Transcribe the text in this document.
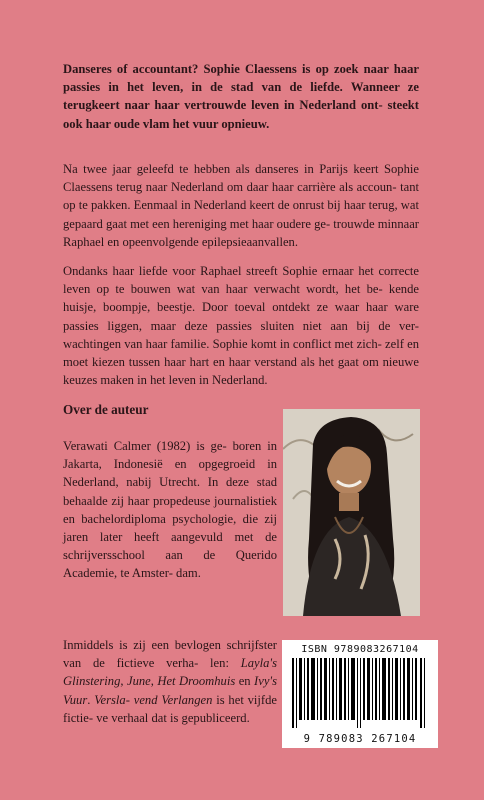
Danseres of accountant? Sophie Claessens is op zoek naar haar passies in het leven, in de stad van de liefde. Wanneer ze terugkeert naar haar vertrouwde leven in Nederland ont- steekt ook haar oude vlam het vuur opnieuw.
Na twee jaar geleefd te hebben als danseres in Parijs keert Sophie Claessens terug naar Nederland om daar haar carrière als accoun- tant op te pakken. Eenmaal in Nederland keert de onrust bij haar terug, wat gepaard gaat met een hereniging met haar oudere ge- trouwde minnaar Raphael en opeenvolgende epilepsieaanvallen.
Ondanks haar liefde voor Raphael streeft Sophie ernaar het correcte leven op te bouwen wat van haar verwacht wordt, het be- kende huisje, boompje, beestje. Door toeval ontdekt ze waar haar ware passies liggen, maar deze passies sluiten niet aan bij de ver- wachtingen van haar familie. Sophie komt in conflict met zich- zelf en moet kiezen tussen haar hart en haar verstand als het gaat om nieuwe keuzes maken in het leven in Nederland.
Over de auteur
Verawati Calmer (1982) is ge- boren in Jakarta, Indonesië en opgegroeid in Nederland, nabij Utrecht. In deze stad behaalde zij haar propedeuse journalistiek en bachelordiploma psychologie, die zij jaren later heeft aangevuld met de schrijversschool aan de Querido Academie, te Amster- dam.
Inmiddels is zij een bevlogen schrijfster van de fictieve verha- len: Layla's Glinstering, June, Het Droomhuis en Ivy's Vuur. Versla- vend Verlangen is het vijfde fictie- ve verhaal dat is gepubliceerd.
ISBN 9789083267104
9 789083 267104
